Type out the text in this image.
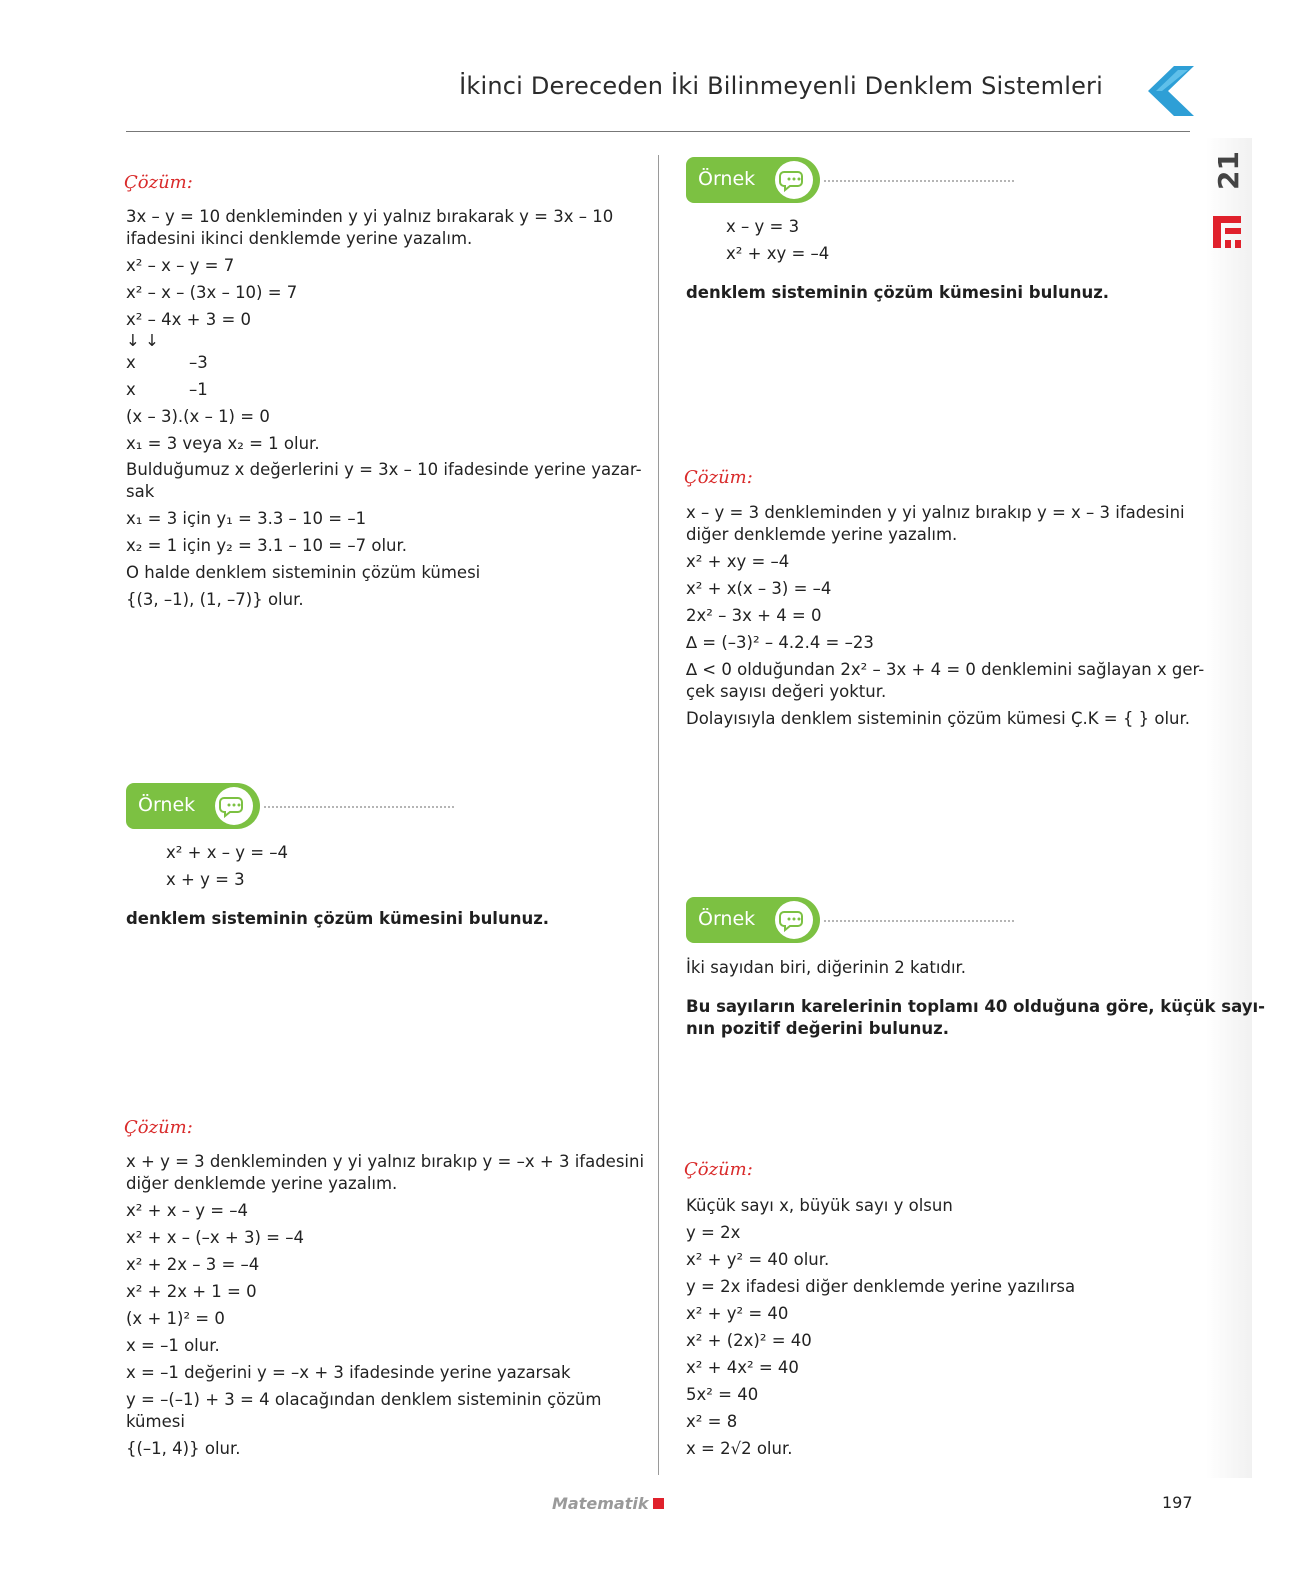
İkinci Dereceden İki Bilinmeyenli Denklem Sistemleri
21
Çözüm:
3x – y = 10 denkleminden y yi yalnız bırakarak y = 3x – 10
ifadesini ikinci denklemde yerine yazalım.
x² – x – y = 7
x² – x – (3x – 10) = 7
x² – 4x + 3 = 0
↓ ↓
x	–3
x	–1
(x – 3).(x – 1) = 0
x₁ = 3 veya x₂ = 1 olur.
Bulduğumuz x değerlerini y = 3x – 10 ifadesinde yerine yazar-
sak
x₁ = 3 için y₁ = 3.3 – 10 = –1
x₂ = 1 için y₂ = 3.1 – 10 = –7 olur.
O halde denklem sisteminin çözüm kümesi
{(3, –1), (1, –7)} olur.
Örnek
x² + x – y = –4
x + y = 3
denklem sisteminin çözüm kümesini bulunuz.
Çözüm:
x + y = 3 denkleminden y yi yalnız bırakıp y = –x + 3 ifadesini
diğer denklemde yerine yazalım.
x² + x – y = –4
x² + x – (–x + 3) = –4
x² + 2x – 3 = –4
x² + 2x + 1 = 0
(x + 1)² = 0
x = –1 olur.
x = –1 değerini y = –x + 3 ifadesinde yerine yazarsak
y = –(–1) + 3 = 4 olacağından denklem sisteminin çözüm
kümesi
{(–1, 4)} olur.
Örnek
x – y = 3
x² + xy = –4
denklem sisteminin çözüm kümesini bulunuz.
Çözüm:
x – y = 3 denkleminden y yi yalnız bırakıp y = x – 3 ifadesini
diğer denklemde yerine yazalım.
x² + xy = –4
x² + x(x – 3) = –4
2x² – 3x + 4 = 0
∆ = (–3)² – 4.2.4 = –23
∆ < 0 olduğundan 2x² – 3x + 4 = 0 denklemini sağlayan x ger-
çek sayısı değeri yoktur.
Dolayısıyla denklem sisteminin çözüm kümesi Ç.K = { } olur.
Örnek
İki sayıdan biri, diğerinin 2 katıdır.
Bu sayıların karelerinin toplamı 40 olduğuna göre, küçük sayı-
nın pozitif değerini bulunuz.
Çözüm:
Küçük sayı x, büyük sayı y olsun
y = 2x
x² + y² = 40 olur.
y = 2x ifadesi diğer denklemde yerine yazılırsa
x² + y² = 40
x² + (2x)² = 40
x² + 4x² = 40
5x² = 40
x² = 8
x = 2√2 olur.
Matematik	197
